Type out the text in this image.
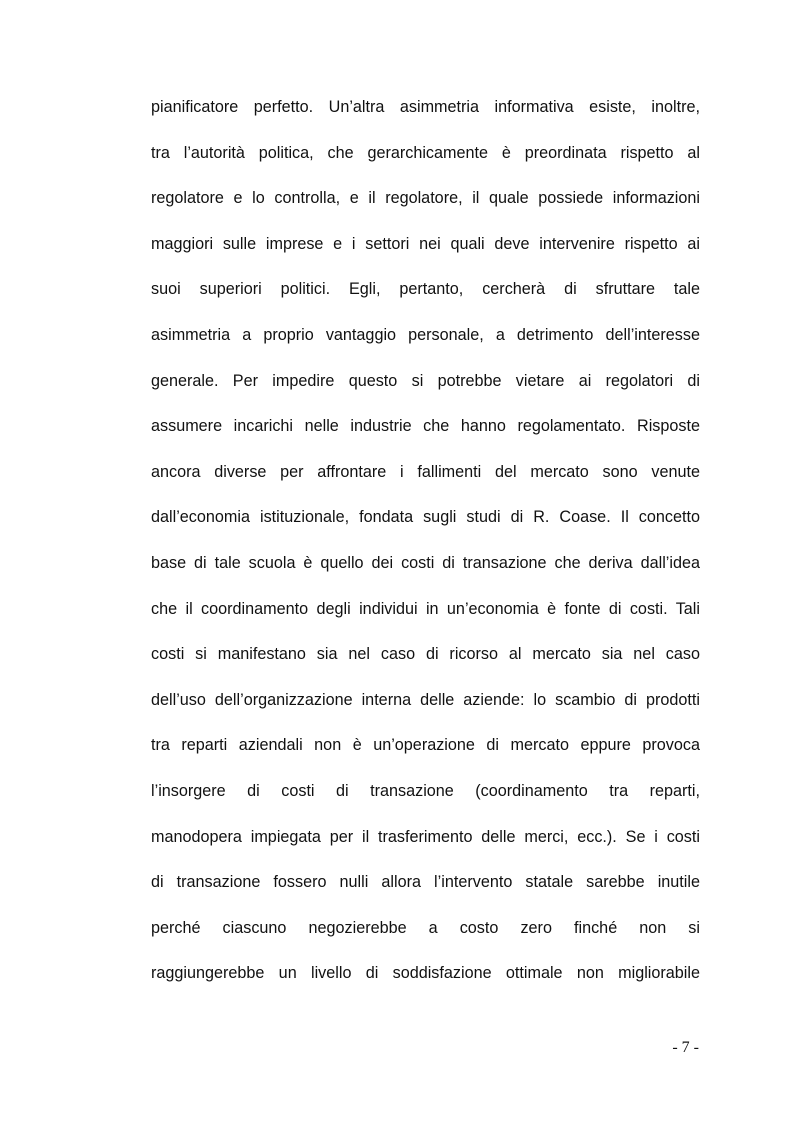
pianificatore perfetto. Un’altra asimmetria informativa esiste, inoltre,
tra l’autorità politica, che gerarchicamente è preordinata rispetto al
regolatore e lo controlla, e il regolatore, il quale possiede informazioni
maggiori sulle imprese e i settori nei quali deve intervenire rispetto ai
suoi superiori politici. Egli, pertanto, cercherà di sfruttare tale
asimmetria a proprio vantaggio personale, a detrimento dell’interesse
generale. Per impedire questo si potrebbe vietare ai regolatori di
assumere incarichi nelle industrie che hanno regolamentato. Risposte
ancora diverse per affrontare i fallimenti del mercato sono venute
dall’economia istituzionale, fondata sugli studi di R. Coase. Il concetto
base di tale scuola è quello dei costi di transazione che deriva dall’idea
che il coordinamento degli individui in un’economia è fonte di costi. Tali
costi si manifestano sia nel caso di ricorso al mercato sia nel caso
dell’uso dell’organizzazione interna delle aziende: lo scambio di prodotti
tra reparti aziendali non è un’operazione di mercato eppure provoca
l’insorgere di costi di transazione (coordinamento tra reparti,
manodopera impiegata per il trasferimento delle merci, ecc.). Se i costi
di transazione fossero nulli allora l’intervento statale sarebbe inutile
perché ciascuno negozierebbe a costo zero finché non si
raggiungerebbe un livello di soddisfazione ottimale non migliorabile
- 7 -
